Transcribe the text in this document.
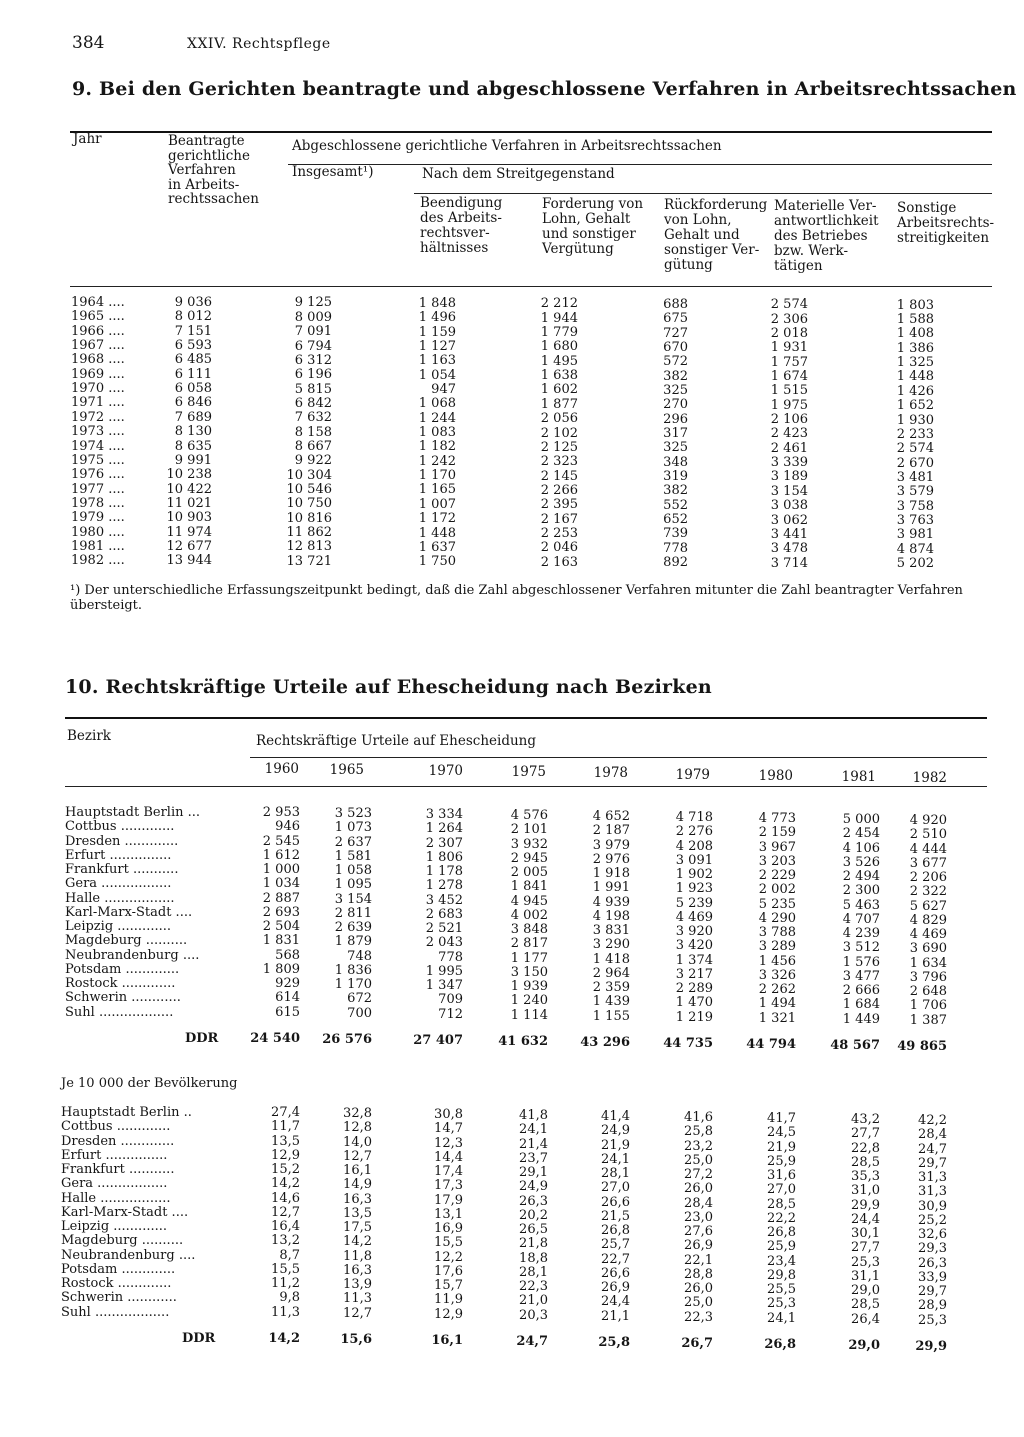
384	XXIV. Rechtspflege
9. Bei den Gerichten beantragte und abgeschlossene Verfahren in Arbeitsrechtssachen
Jahr	Beantragte
gerichtliche
Verfahren
in Arbeits-
rechtssachen
Abgeschlossene gerichtliche Verfahren in Arbeitsrechtssachen
Insgesamt¹)	Nach dem Streitgegenstand
Beendigung
des Arbeits-
rechtsver-
hältnisses
Forderung von
Lohn, Gehalt
und sonstiger
Vergütung
Rückforderung
von Lohn,
Gehalt und
sonstiger Ver-
gütung
Materielle Ver-
antwortlichkeit
des Betriebes
bzw. Werk-
tätigen
Sonstige
Arbeitsrechts-
streitigkeiten
1964 ....	9 036	9 125	1 848	2 212	688	2 574	1 803
1965 ....	8 012	8 009	1 496	1 944	675	2 306	1 588
1966 ....	7 151	7 091	1 159	1 779	727	2 018	1 408
1967 ....	6 593	6 794	1 127	1 680	670	1 931	1 386
1968 ....	6 485	6 312	1 163	1 495	572	1 757	1 325
1969 ....	6 111	6 196	1 054	1 638	382	1 674	1 448
1970 ....	6 058	5 815	947	1 602	325	1 515	1 426
1971 ....	6 846	6 842	1 068	1 877	270	1 975	1 652
1972 ....	7 689	7 632	1 244	2 056	296	2 106	1 930
1973 ....	8 130	8 158	1 083	2 102	317	2 423	2 233
1974 ....	8 635	8 667	1 182	2 125	325	2 461	2 574
1975 ....	9 991	9 922	1 242	2 323	348	3 339	2 670
1976 ....	10 238	10 304	1 170	2 145	319	3 189	3 481
1977 ....	10 422	10 546	1 165	2 266	382	3 154	3 579
1978 ....	11 021	10 750	1 007	2 395	552	3 038	3 758
1979 ....	10 903	10 816	1 172	2 167	652	3 062	3 763
1980 ....	11 974	11 862	1 448	2 253	739	3 441	3 981
1981 ....	12 677	12 813	1 637	2 046	778	3 478	4 874
1982 ....	13 944	13 721	1 750	2 163	892	3 714	5 202
¹) Der unterschiedliche Erfassungszeitpunkt bedingt, daß die Zahl abgeschlossener Verfahren mitunter die Zahl beantragter Verfahren übersteigt.
10. Rechtskräftige Urteile auf Ehescheidung nach Bezirken
Bezirk	Rechtskräftige Urteile auf Ehescheidung
1960	1965	1970	1975	1978	1979	1980	1981	1982
Hauptstadt Berlin ...	2 953	3 523	3 334	4 576	4 652	4 718	4 773	5 000	4 920
Cottbus .............	946	1 073	1 264	2 101	2 187	2 276	2 159	2 454	2 510
Dresden .............	2 545	2 637	2 307	3 932	3 979	4 208	3 967	4 106	4 444
Erfurt ...............	1 612	1 581	1 806	2 945	2 976	3 091	3 203	3 526	3 677
Frankfurt ...........	1 000	1 058	1 178	2 005	1 918	1 902	2 229	2 494	2 206
Gera .................	1 034	1 095	1 278	1 841	1 991	1 923	2 002	2 300	2 322
Halle .................	2 887	3 154	3 452	4 945	4 939	5 239	5 235	5 463	5 627
Karl-Marx-Stadt ....	2 693	2 811	2 683	4 002	4 198	4 469	4 290	4 707	4 829
Leipzig .............	2 504	2 639	2 521	3 848	3 831	3 920	3 788	4 239	4 469
Magdeburg ..........	1 831	1 879	2 043	2 817	3 290	3 420	3 289	3 512	3 690
Neubrandenburg ....	568	748	778	1 177	1 418	1 374	1 456	1 576	1 634
Potsdam .............	1 809	1 836	1 995	3 150	2 964	3 217	3 326	3 477	3 796
Rostock .............	929	1 170	1 347	1 939	2 359	2 289	2 262	2 666	2 648
Schwerin ............	614	672	709	1 240	1 439	1 470	1 494	1 684	1 706
Suhl ..................	615	700	712	1 114	1 155	1 219	1 321	1 449	1 387
DDR	24 540	26 576	27 407	41 632	43 296	44 735	44 794	48 567	49 865
Je 10 000 der Bevölkerung
Hauptstadt Berlin ..	27,4	32,8	30,8	41,8	41,4	41,6	41,7	43,2	42,2
Cottbus .............	11,7	12,8	14,7	24,1	24,9	25,8	24,5	27,7	28,4
Dresden .............	13,5	14,0	12,3	21,4	21,9	23,2	21,9	22,8	24,7
Erfurt ...............	12,9	12,7	14,4	23,7	24,1	25,0	25,9	28,5	29,7
Frankfurt ...........	15,2	16,1	17,4	29,1	28,1	27,2	31,6	35,3	31,3
Gera .................	14,2	14,9	17,3	24,9	27,0	26,0	27,0	31,0	31,3
Halle .................	14,6	16,3	17,9	26,3	26,6	28,4	28,5	29,9	30,9
Karl-Marx-Stadt ....	12,7	13,5	13,1	20,2	21,5	23,0	22,2	24,4	25,2
Leipzig .............	16,4	17,5	16,9	26,5	26,8	27,6	26,8	30,1	32,6
Magdeburg ..........	13,2	14,2	15,5	21,8	25,7	26,9	25,9	27,7	29,3
Neubrandenburg ....	8,7	11,8	12,2	18,8	22,7	22,1	23,4	25,3	26,3
Potsdam .............	15,5	16,3	17,6	28,1	26,6	28,8	29,8	31,1	33,9
Rostock .............	11,2	13,9	15,7	22,3	26,9	26,0	25,5	29,0	29,7
Schwerin ............	9,8	11,3	11,9	21,0	24,4	25,0	25,3	28,5	28,9
Suhl ..................	11,3	12,7	12,9	20,3	21,1	22,3	24,1	26,4	25,3
DDR	14,2	15,6	16,1	24,7	25,8	26,7	26,8	29,0	29,9
